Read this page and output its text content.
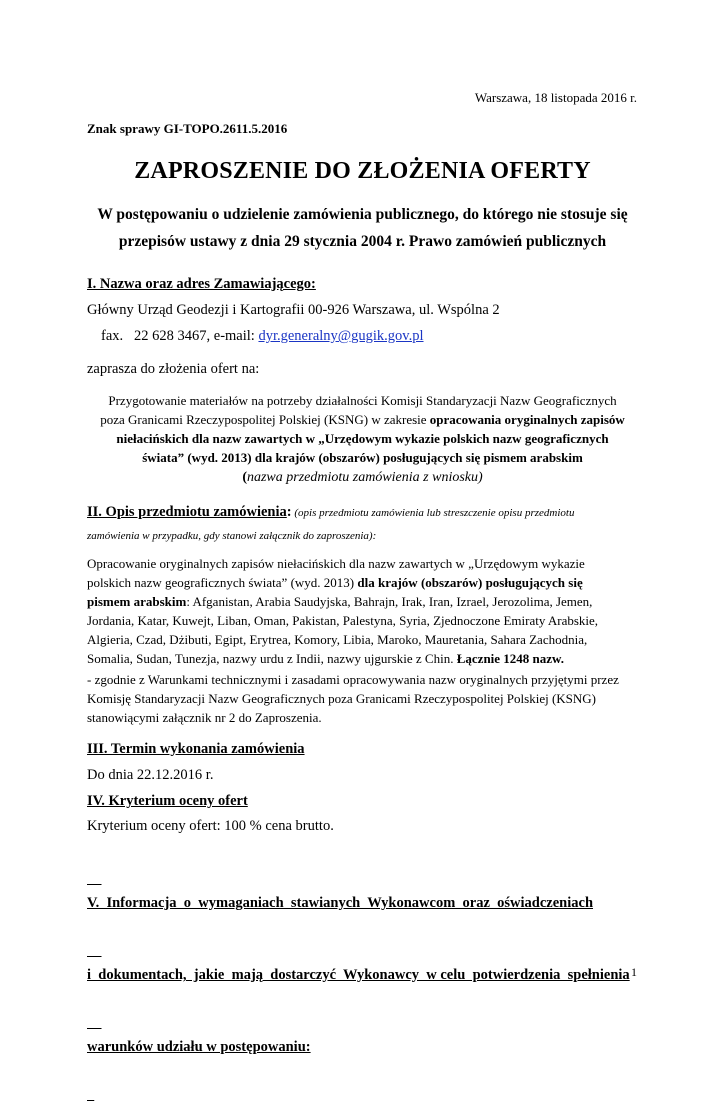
Warszawa, 18 listopada 2016 r.
Znak sprawy GI-TOPO.2611.5.2016
ZAPROSZENIE DO ZŁOŻENIA OFERTY
W postępowaniu o udzielenie zamówienia publicznego, do którego nie stosuje się
przepisów ustawy z dnia 29 stycznia 2004 r. Prawo zamówień publicznych
I. Nazwa oraz adres Zamawiającego:
Główny Urząd Geodezji i Kartografii 00-926 Warszawa, ul. Wspólna 2
fax.   22 628 3467, e-mail: dyr.generalny@gugik.gov.pl
zaprasza do złożenia ofert na:
Przygotowanie materiałów na potrzeby działalności Komisji Standaryzacji Nazw Geograficznych
poza Granicami Rzeczypospolitej Polskiej (KSNG) w zakresie opracowania oryginalnych zapisów
niełacińskich dla nazw zawartych w „Urzędowym wykazie polskich nazw geograficznych
świata” (wyd. 2013) dla krajów (obszarów) posługujących się pismem arabskim
(nazwa przedmiotu zamówienia z wniosku)
II. Opis przedmiotu zamówienia: (opis przedmiotu zamówienia lub streszczenie opisu przedmiotu
zamówienia w przypadku, gdy stanowi załącznik do zaproszenia):
Opracowanie oryginalnych zapisów niełacińskich dla nazw zawartych w „Urzędowym wykazie
polskich nazw geograficznych świata” (wyd. 2013) dla krajów (obszarów) posługujących się
pismem arabskim: Afganistan, Arabia Saudyjska, Bahrajn, Irak, Iran, Izrael, Jerozolima, Jemen,
Jordania, Katar, Kuwejt, Liban, Oman, Pakistan, Palestyna, Syria, Zjednoczone Emiraty Arabskie,
Algieria, Czad, Dżibuti, Egipt, Erytrea, Komory, Libia, Maroko, Mauretania, Sahara Zachodnia,
Somalia, Sudan, Tunezja, nazwy urdu z Indii, nazwy ujgurskie z Chin. Łącznie 1248 nazw.
- zgodnie z Warunkami technicznymi i zasadami opracowywania nazw oryginalnych przyjętymi przez
Komisję Standaryzacji Nazw Geograficznych poza Granicami Rzeczypospolitej Polskiej (KSNG)
stanowiącymi załącznik nr 2 do Zaproszenia.
III. Termin wykonania zamówienia
Do dnia 22.12.2016 r.
IV. Kryterium oceny ofert
Kryterium oceny ofert: 100 % cena brutto.

V.  Informacja  o  wymaganiach  stawianych  Wykonawcom  oraz  oświadczeniach

i  dokumentach,  jakie  mają  dostarczyć  Wykonawcy  w celu  potwierdzenia  spełnienia

warunków udziału w postępowaniu:

1
